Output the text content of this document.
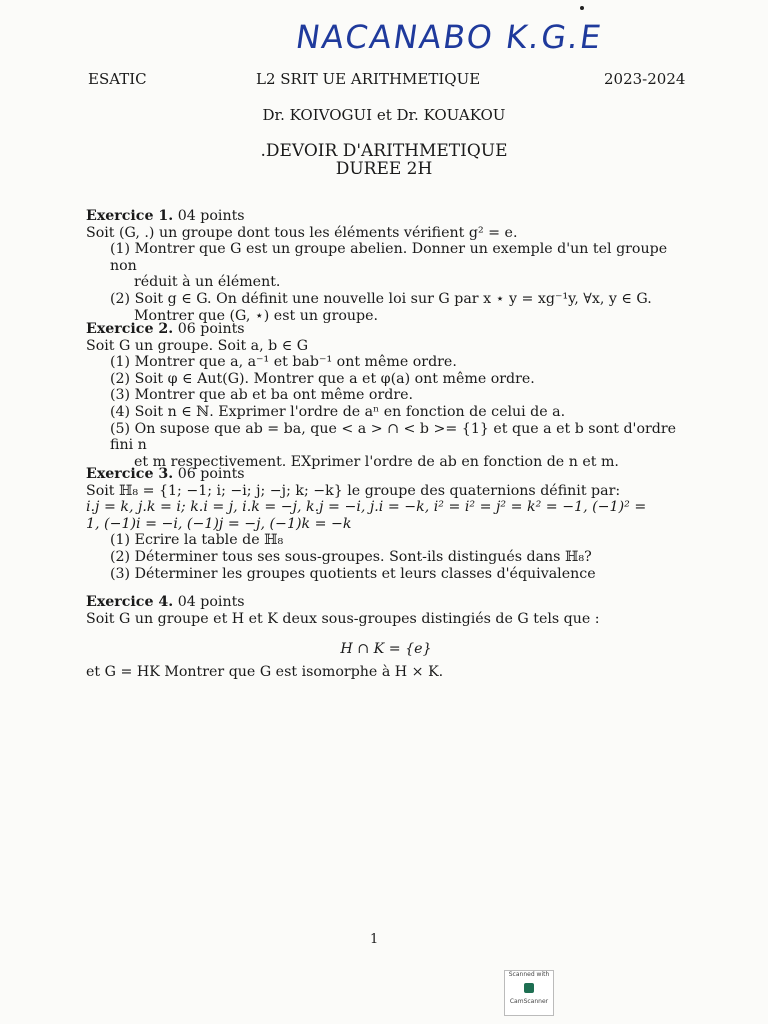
NACANABO K.G.E
ESATIC	L2 SRIT UE ARITHMETIQUE	2023-2024
Dr. KOIVOGUI et Dr. KOUAKOU
.DEVOIR D'ARITHMETIQUE
DUREE 2H
Exercice 1. 04 points
Soit (G, .) un groupe dont tous les éléments vérifient g² = e.
(1) Montrer que G est un groupe abelien. Donner un exemple d'un tel groupe non
réduit à un élément.
(2) Soit g ∈ G. On définit une nouvelle loi sur G par x ⋆ y = xg⁻¹y, ∀x, y ∈ G.
Montrer que (G, ⋆) est un groupe.
Exercice 2. 06 points
Soit G un groupe. Soit a, b ∈ G
(1) Montrer que a, a⁻¹ et bab⁻¹ ont même ordre.
(2) Soit φ ∈ Aut(G). Montrer que a et φ(a) ont même ordre.
(3) Montrer que ab et ba ont même ordre.
(4) Soit n ∈ ℕ. Exprimer l'ordre de aⁿ en fonction de celui de a.
(5) On supose que ab = ba, que < a > ∩ < b >= {1} et que a et b sont d'ordre fini n
et m respectivement. EXprimer l'ordre de ab en fonction de n et m.
Exercice 3. 06 points
Soit ℍ₈ = {1; −1; i; −i; j; −j; k; −k} le groupe des quaternions définit par:
i.j = k, j.k = i; k.i = j, i.k = −j, k.j = −i, j.i = −k, i² = i² = j² = k² = −1, (−1)² =
1, (−1)i = −i, (−1)j = −j, (−1)k = −k
(1) Ecrire la table de ℍ₈
(2) Déterminer tous ses sous-groupes. Sont-ils distingués dans ℍ₈?
(3) Déterminer les groupes quotients et leurs classes d'équivalence
Exercice 4. 04 points
Soit G un groupe et H et K deux sous-groupes distingiés de G tels que :
H ∩ K = {e}
et G = HK Montrer que G est isomorphe à H × K.
1
Scanned with
CamScanner
